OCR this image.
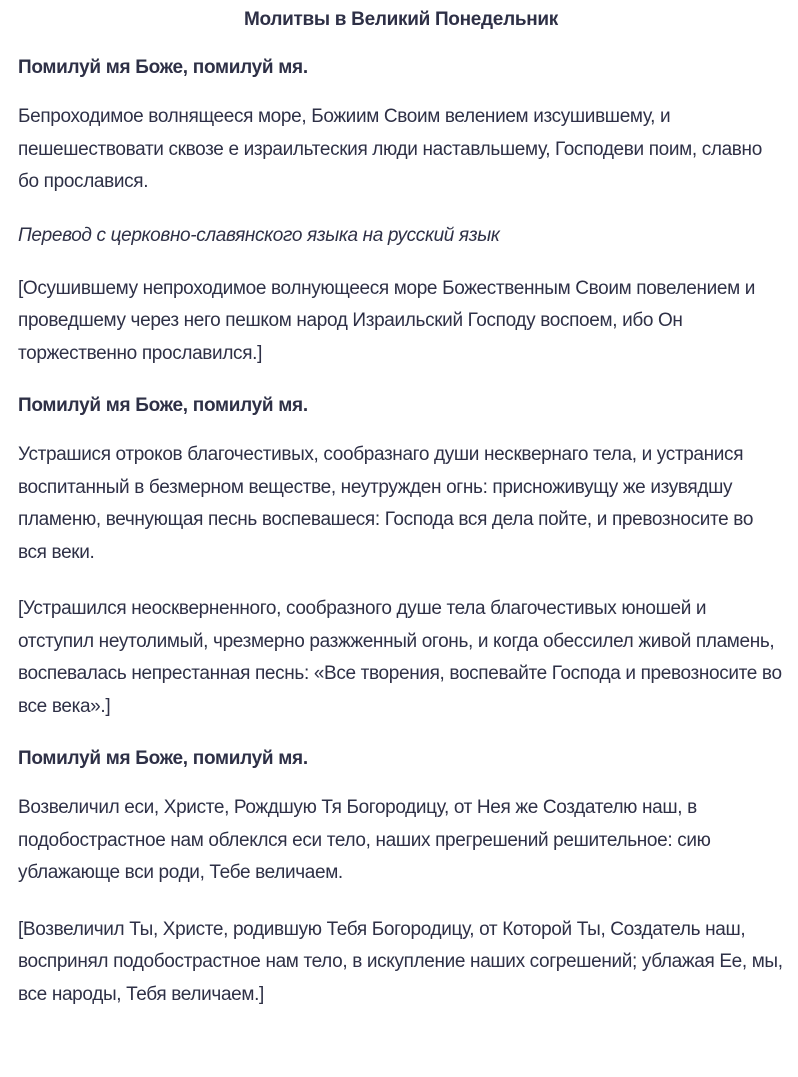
Молитвы в Великий Понедельник

Помилуй мя Боже, помилуй мя.

Бепроходимое волнящееся море, Божиим Своим велением изсушившему, и пешешествовати сквозе е израильтеския люди наставльшему, Господеви поим, славно бо прославися.

Перевод с церковно-славянского языка на русский язык

[Осушившему непроходимое волнующееся море Божественным Своим повелением и проведшему через него пешком народ Израильский Господу воспоем, ибо Он торжественно прославился.]

Помилуй мя Боже, помилуй мя.

Устрашися отроков благочестивых, сообразнаго души несквернаго тела, и устранися воспитанный в безмерном веществе, неутружден огнь: присноживущу же изувядшу пламеню, вечнующая песнь воспевашеся: Господа вся дела пойте, и превозносите во вся веки.

[Устрашился неоскверненного, сообразного душе тела благочестивых юношей и отступил неутолимый, чрезмерно разжженный огонь, и когда обессилел живой пламень, воспевалась непрестанная песнь: «Все творения, воспевайте Господа и превозносите во все века».]

Помилуй мя Боже, помилуй мя.

Возвеличил еси, Христе, Рождшую Тя Богородицу, от Нея же Создателю наш, в подобострастное нам облеклся еси тело, наших прегрешений решительное: сию ублажающе вси роди, Тебе величаем.

[Возвеличил Ты, Христе, родившую Тебя Богородицу, от Которой Ты, Создатель наш, воспринял подобострастное нам тело, в искупление наших согрешений; ублажая Ее, мы, все народы, Тебя величаем.]
